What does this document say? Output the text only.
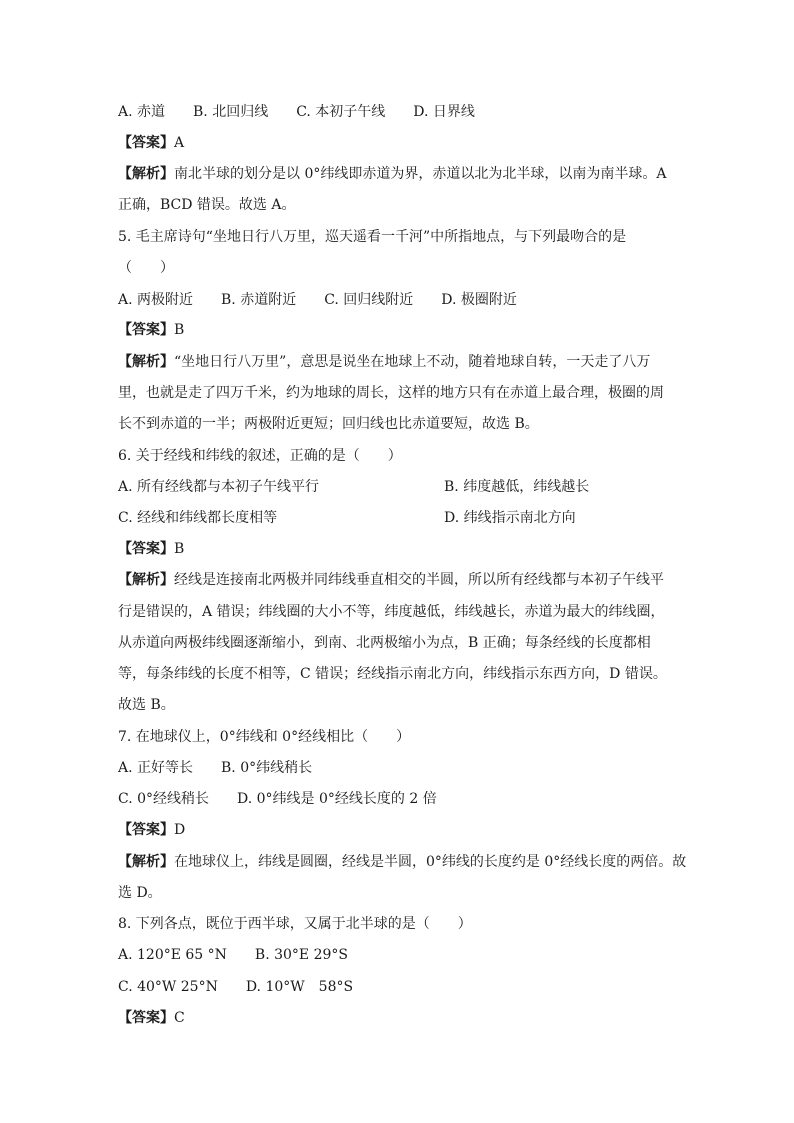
A. 赤道　　B. 北回归线　　C. 本初子午线　　D. 日界线
【答案】A
【解析】南北半球的划分是以 0°纬线即赤道为界，赤道以北为北半球，以南为南半球。A
正确，BCD 错误。故选 A。
5. 毛主席诗句“坐地日行八万里，巡天遥看一千河”中所指地点，与下列最吻合的是
（　　）
A. 两极附近　　B. 赤道附近　　C. 回归线附近　　D. 极圈附近
【答案】B
【解析】“坐地日行八万里”，意思是说坐在地球上不动，随着地球自转，一天走了八万
里，也就是走了四万千米，约为地球的周长，这样的地方只有在赤道上最合理，极圈的周
长不到赤道的一半；两极附近更短；回归线也比赤道要短，故选 B。
6. 关于经线和纬线的叙述，正确的是（　　）
A. 所有经线都与本初子午线平行	B. 纬度越低，纬线越长
C. 经线和纬线都长度相等	D. 纬线指示南北方向
【答案】B
【解析】经线是连接南北两极并同纬线垂直相交的半圆，所以所有经线都与本初子午线平
行是错误的，A 错误；纬线圈的大小不等，纬度越低，纬线越长，赤道为最大的纬线圈，
从赤道向两极纬线圈逐渐缩小，到南、北两极缩小为点，B 正确；每条经线的长度都相
等，每条纬线的长度不相等，C 错误；经线指示南北方向，纬线指示东西方向，D 错误。
故选 B。
7. 在地球仪上，0°纬线和 0°经线相比（　　）
A. 正好等长　　B. 0°纬线稍长
C. 0°经线稍长　　D. 0°纬线是 0°经线长度的 2 倍
【答案】D
【解析】在地球仪上，纬线是圆圈，经线是半圆，0°纬线的长度约是 0°经线长度的两倍。故
选 D。
8. 下列各点，既位于西半球，又属于北半球的是（　　）
A. 120°E 65 °N　　B. 30°E 29°S
C. 40°W 25°N　　D. 10°W　58°S
【答案】C
